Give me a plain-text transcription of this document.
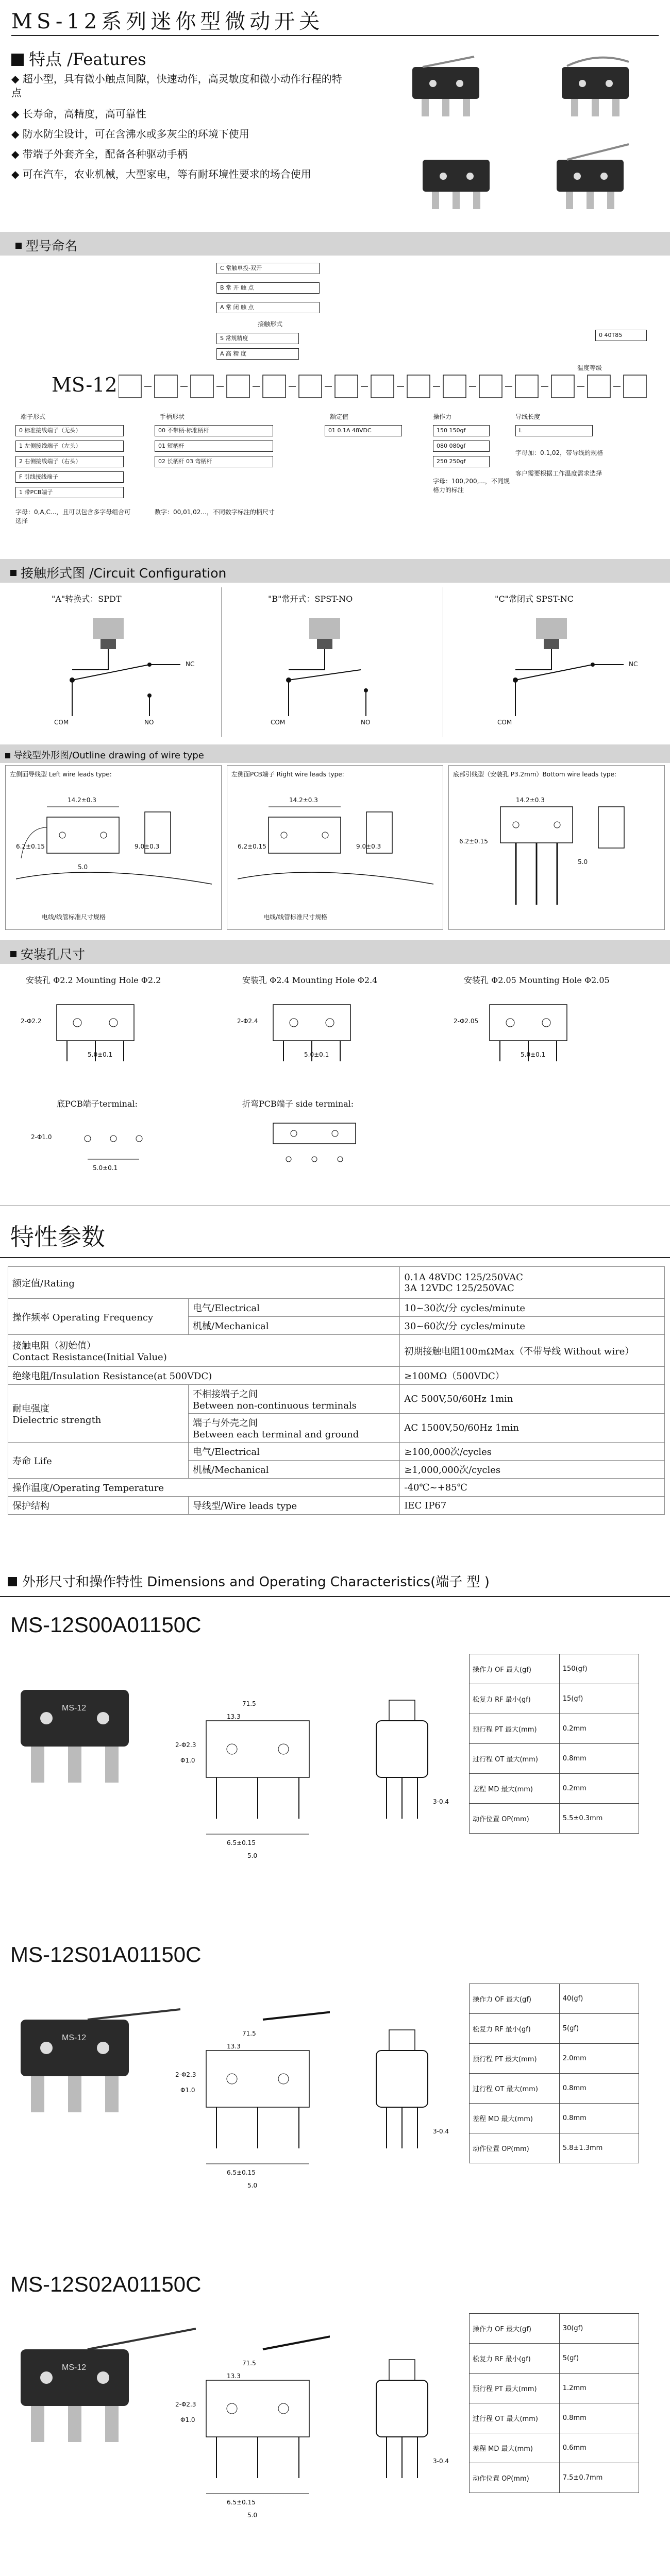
MS-12系列迷你型微动开关
特点 /Features
◆ 超小型，具有微小触点间隙，快速动作，高灵敏度和微小动作行程的特点
◆ 长寿命，高精度，高可靠性
◆ 防水防尘设计，可在含沸水或多灰尘的环境下使用
◆ 带端子外套齐全，配备各种驱动手柄
◆ 可在汽车，农业机械，大型家电，等有耐环境性要求的场合使用
型号命名
C 常触单投-双开
B 常 开 触 点
A 常 闭 触 点
接触形式
S 常规精度
A 高 精 度
0 40T85
温度等级
MS-12
端子形式	手柄形状	额定值	操作力	导线长度
0 标准接线端子（无头）
1 左侧接线端子（左头）
2 右侧接线端子（右头）
F 引线接线端子
1 带PCB端子
00 不带柄-标准柄杆
01 短柄杆
02 长柄杆 03 弯柄杆
01 0.1A 48VDC	150 150gf
080 080gf
250 250gf
L
字母：0,A,C...，且可以包含多字母组合可选择
数字：00,01,02...，不同数字标注的柄尺寸
字母：100,200,...，不同规格力的标注
字母加：0.1,02，带导线的规格
客户需要根据工作温度需求选择
接触形式图 /Circuit Configuration
"A"转换式：SPDT
COM
NC
NO
"B"常开式：SPST-NO
COM	NO
"C"常闭式 SPST-NC
COM
NC
导线型外形图/Outline drawing of wire type
左侧面导线型 Left wire leads type:
14.2±0.3
6.2±0.15	9.0±0.3
5.0
电线/线管标准尺寸规格
左侧面PCB端子 Right wire leads type:
14.2±0.3
6.2±0.15	9.0±0.3
电线/线管标准尺寸规格
底部引线型（安装孔 P3.2mm）Bottom wire leads type:
14.2±0.3
6.2±0.15
5.0
安装孔尺寸
安装孔 Φ2.2 Mounting Hole Φ2.2	安装孔 Φ2.4 Mounting Hole Φ2.4	安装孔 Φ2.05 Mounting Hole Φ2.05
2-Φ2.2
5.0±0.1
2-Φ2.4
5.0±0.1
2-Φ2.05
5.0±0.1
底PCB端子terminal:	折弯PCB端子 side terminal:
2-Φ1.0
5.0±0.1
特性参数
额定值/Rating		0.1A 48VDC 125/250VAC
3A 12VDC 125/250VAC
操作频率 Operating Frequency	电气/Electrical	10~30次/分 cycles/minute
	机械/Mechanical	30~60次/分 cycles/minute
接触电阻（初始值）
Contact Resistance(Initial Value)		初期接触电阻100mΩMax（不带导线 Without wire）
绝缘电阻/Insulation Resistance(at 500VDC)		≥100MΩ（500VDC）
耐电强度
Dielectric strength	不相接端子之间
Between non-continuous terminals	AC 500V,50/60Hz 1min
	端子与外壳之间
Between each terminal and ground	AC 1500V,50/60Hz 1min
寿命 Life	电气/Electrical	≥100,000次/cycles
	机械/Mechanical	≥1,000,000次/cycles
操作温度/Operating Temperature		-40℃~+85℃
保护结构	导线型/Wire leads type	IEC IP67
外形尺寸和操作特性 Dimensions and Operating Characteristics(端子 型 )
MS-12S00A01150C
MS-12	71.5
13.3
2-Φ2.3
Φ1.0
6.5±0.15
5.0
3-0.4
操作力 OF 最大(gf)	150(gf)
松复力 RF 最小(gf)	15(gf)
预行程 PT 最大(mm)	0.2mm
过行程 OT 最大(mm)	0.8mm
差程 MD 最大(mm)	0.2mm
动作位置 OP(mm)	5.5±0.3mm
MS-12S01A01150C
MS-12	71.5
13.3
2-Φ2.3
Φ1.0
6.5±0.15
5.0
3-0.4
操作力 OF 最大(gf)	40(gf)
松复力 RF 最小(gf)	5(gf)
预行程 PT 最大(mm)	2.0mm
过行程 OT 最大(mm)	0.8mm
差程 MD 最大(mm)	0.8mm
动作位置 OP(mm)	5.8±1.3mm
MS-12S02A01150C
MS-12	71.5
13.3
2-Φ2.3
Φ1.0
6.5±0.15
5.0
3-0.4
操作力 OF 最大(gf)	30(gf)
松复力 RF 最小(gf)	5(gf)
预行程 PT 最大(mm)	1.2mm
过行程 OT 最大(mm)	0.8mm
差程 MD 最大(mm)	0.6mm
动作位置 OP(mm)	7.5±0.7mm
